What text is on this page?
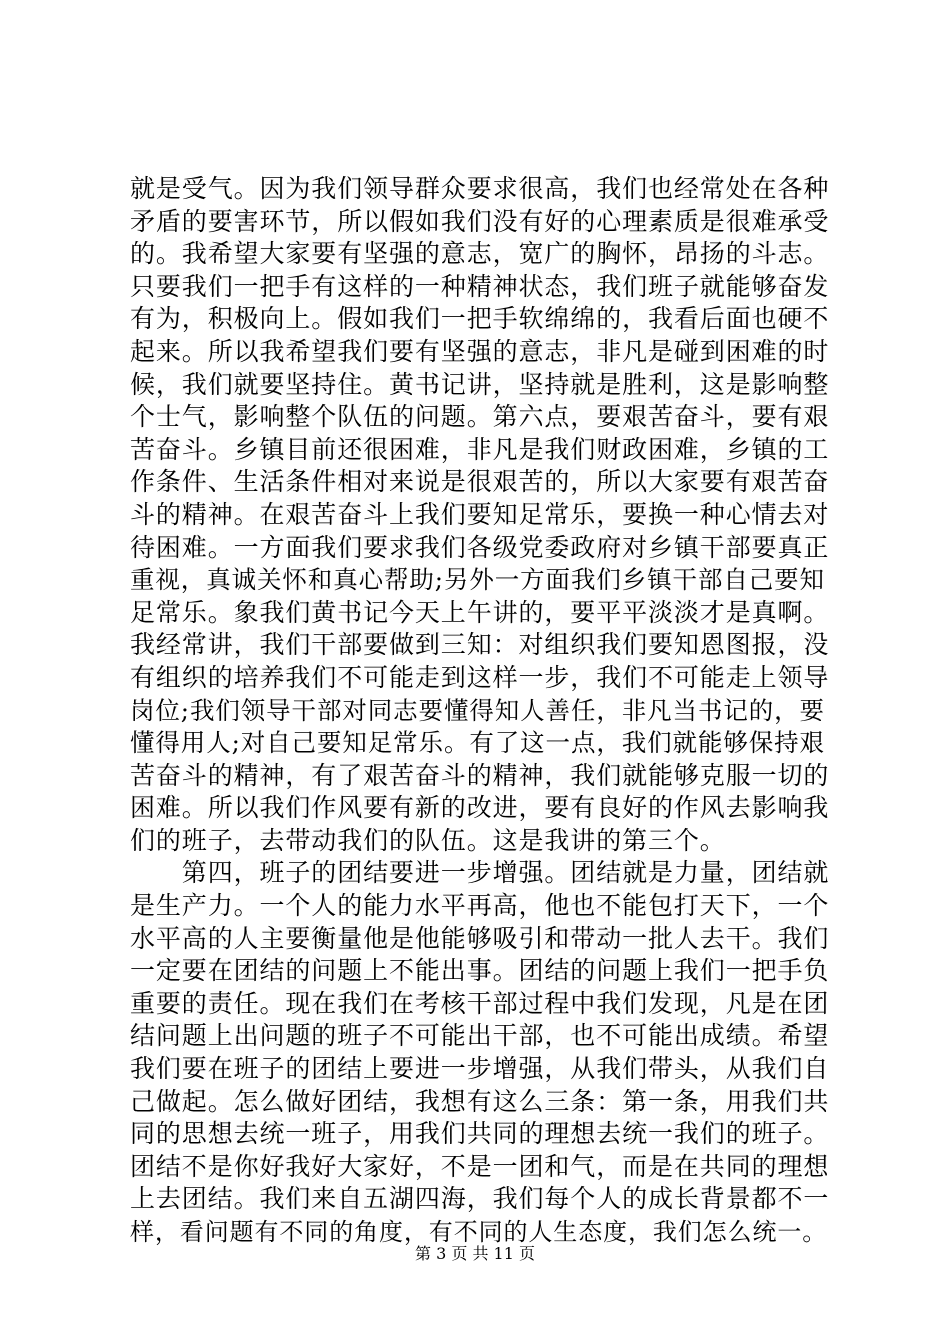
就是受气。因为我们领导群众要求很高，我们也经常处在各种
矛盾的要害环节，所以假如我们没有好的心理素质是很难承受
的。我希望大家要有坚强的意志，宽广的胸怀，昂扬的斗志。
只要我们一把手有这样的一种精神状态，我们班子就能够奋发
有为，积极向上。假如我们一把手软绵绵的，我看后面也硬不
起来。所以我希望我们要有坚强的意志，非凡是碰到困难的时
候，我们就要坚持住。黄书记讲，坚持就是胜利，这是影响整
个士气，影响整个队伍的问题。第六点，要艰苦奋斗，要有艰
苦奋斗。乡镇目前还很困难，非凡是我们财政困难，乡镇的工
作条件、生活条件相对来说是很艰苦的，所以大家要有艰苦奋
斗的精神。在艰苦奋斗上我们要知足常乐，要换一种心情去对
待困难。一方面我们要求我们各级党委政府对乡镇干部要真正
重视，真诚关怀和真心帮助;另外一方面我们乡镇干部自己要知
足常乐。象我们黄书记今天上午讲的，要平平淡淡才是真啊。
我经常讲，我们干部要做到三知：对组织我们要知恩图报，没
有组织的培养我们不可能走到这样一步，我们不可能走上领导
岗位;我们领导干部对同志要懂得知人善任，非凡当书记的，要
懂得用人;对自己要知足常乐。有了这一点，我们就能够保持艰
苦奋斗的精神，有了艰苦奋斗的精神，我们就能够克服一切的
困难。所以我们作风要有新的改进，要有良好的作风去影响我
们的班子，去带动我们的队伍。这是我讲的第三个。
　　第四，班子的团结要进一步增强。团结就是力量，团结就
是生产力。一个人的能力水平再高，他也不能包打天下，一个
水平高的人主要衡量他是他能够吸引和带动一批人去干。我们
一定要在团结的问题上不能出事。团结的问题上我们一把手负
重要的责任。现在我们在考核干部过程中我们发现，凡是在团
结问题上出问题的班子不可能出干部，也不可能出成绩。希望
我们要在班子的团结上要进一步增强，从我们带头，从我们自
己做起。怎么做好团结，我想有这么三条：第一条，用我们共
同的思想去统一班子，用我们共同的理想去统一我们的班子。
团结不是你好我好大家好，不是一团和气，而是在共同的理想
上去团结。我们来自五湖四海，我们每个人的成长背景都不一
样，看问题有不同的角度，有不同的人生态度，我们怎么统一。
第 3 页 共 11 页
